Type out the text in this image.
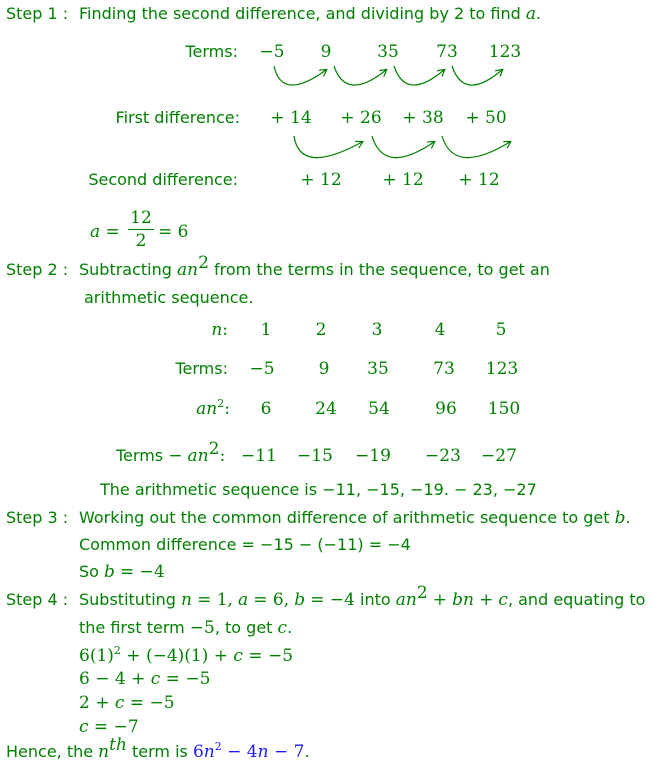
Step 1 : Finding the second difference, and dividing by 2 to find a.
Terms:	−5	9	35	73	123
First difference: + 14 + 26 + 38 + 50
Second difference:	+ 12 + 12 + 12
a =
12
2 = 6
Step 2 : Subtracting $an^2$ from the terms in the sequence, to get an
arithmetic sequence.
n:	1	2	3	4	5
Terms:	−5	9	35	73	123
$an^2$:	6	24	54	96	150
Terms − $an^2$: −11 −15 −19 −23 −27
The arithmetic sequence is −11, −15, −19. − 23, −27
Step 3 : Working out the common difference of arithmetic sequence to get b.
Common difference = −15 − (−11) = −4
So b = −4
Step 4 : Substituting n = 1, a = 6, b = −4 into $an^2$ + bn + c, and equating to
the first term −5, to get c.
$6(1)^2 + (-4)(1) + c = -5$
6 − 4 + c = −5
2 + c = −5
c = −7
Hence, the $n^{th}$ term is $6n^2 - 4n - 7$.
